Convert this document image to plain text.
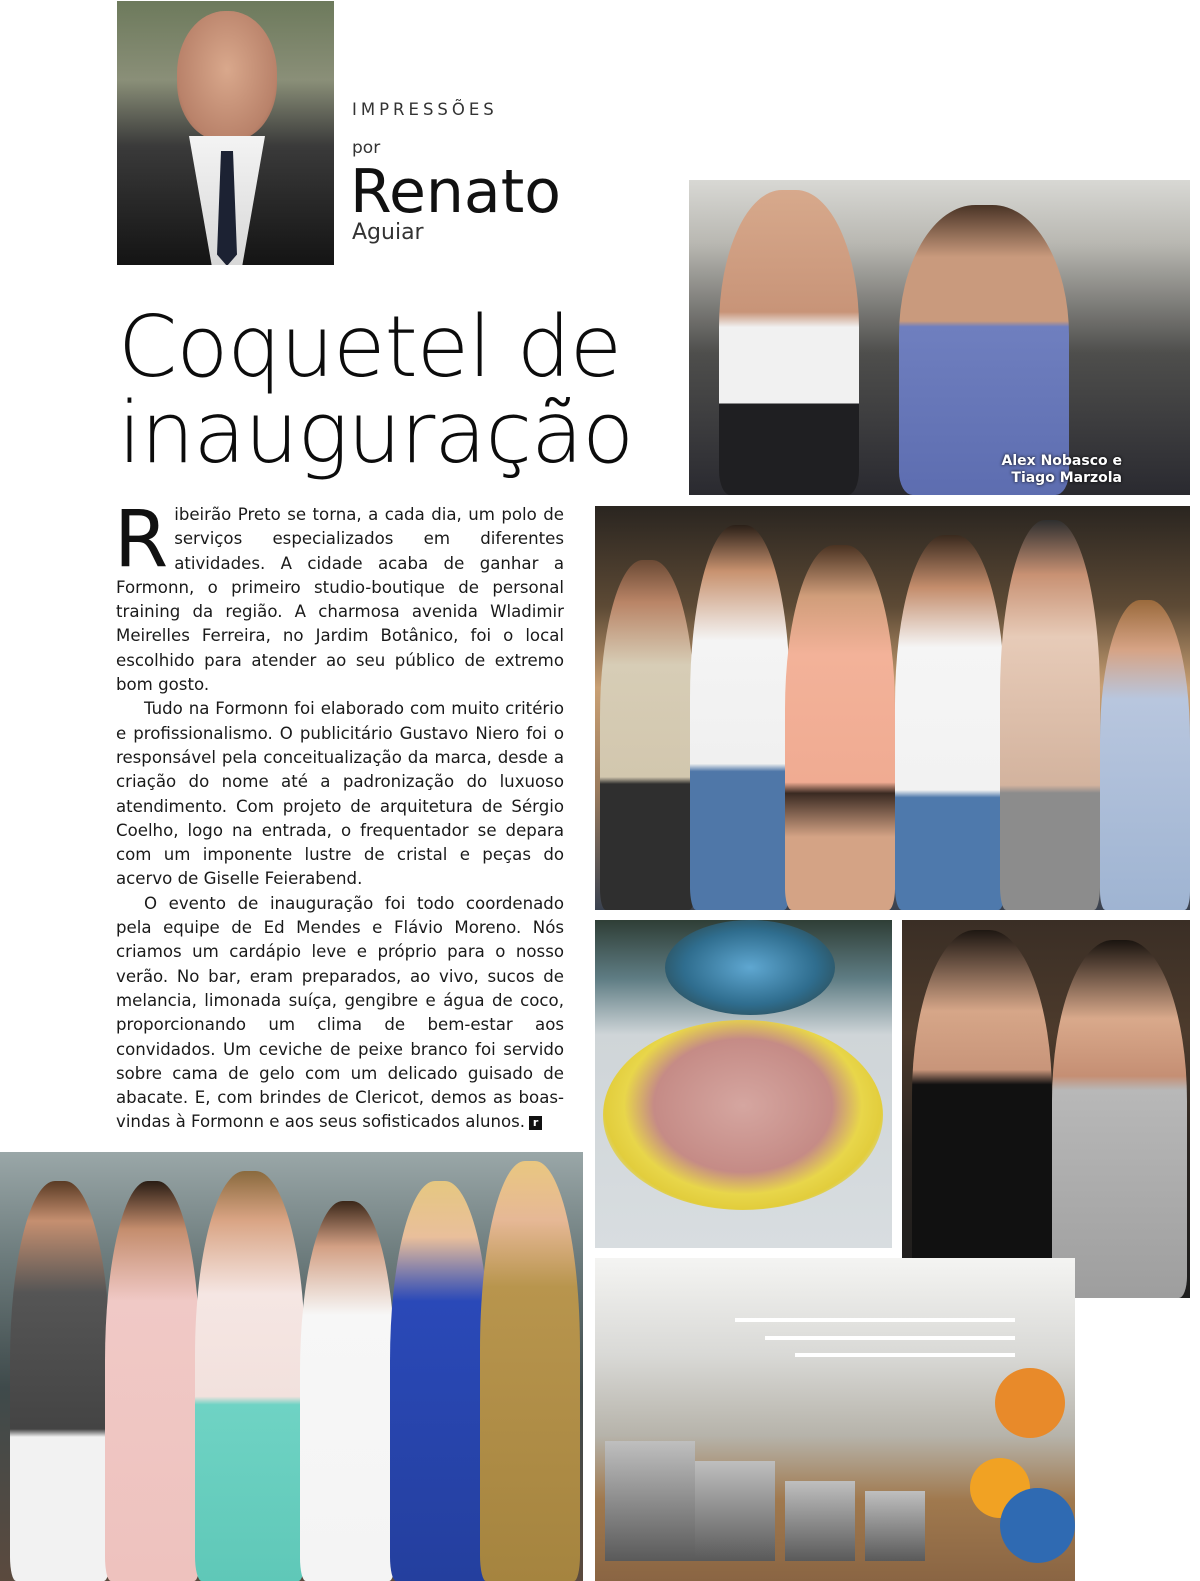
IMPRESSÕES
por
Renato
Aguiar
Coquetel de
inauguração	Alex Nobasco e
Tiago Marzola

Ribeirão Preto se torna, a cada dia, um polo de serviços especializados em diferentes atividades. A cidade acaba de ganhar a Formonn, o primeiro studio-boutique de personal training da região. A charmosa avenida Wladimir Meirelles Ferreira, no Jardim Botânico, foi o local escolhido para atender ao seu público de extremo bom gosto.

Tudo na Formonn foi elaborado com muito critério e profissionalismo. O publicitário Gustavo Niero foi o responsável pela conceitualização da marca, desde a criação do nome até a padronização do luxuoso atendimento. Com projeto de arquitetura de Sérgio Coelho, logo na entrada, o frequentador se depara com um imponente lustre de cristal e peças do acervo de Giselle Feierabend.

O evento de inauguração foi todo coordenado pela equipe de Ed Mendes e Flávio Moreno. Nós criamos um cardápio leve e próprio para o nosso verão. No bar, eram preparados, ao vivo, sucos de melancia, limonada suíça, gengibre e água de coco, proporcionando um clima de bem-estar aos convidados. Um ceviche de peixe branco foi servido sobre cama de gelo com um delicado guisado de abacate. E, com brindes de Clericot, demos as boas-vindas à Formonn e aos seus sofisticados alunos. r
